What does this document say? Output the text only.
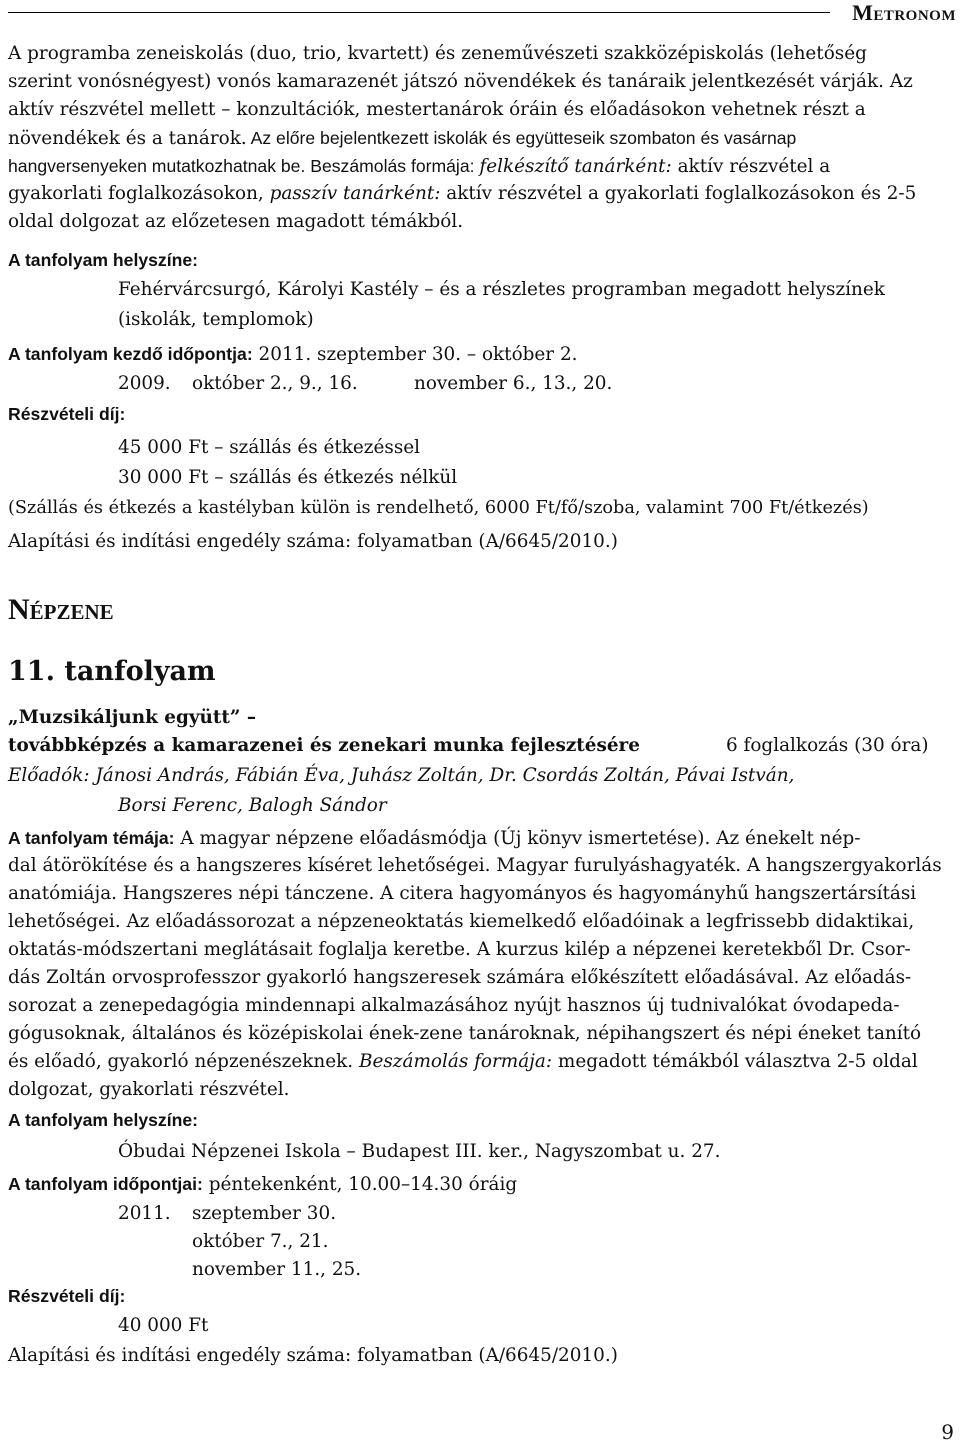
Metronom
A programba zeneiskolás (duo, trio, kvartett) és zeneművészeti szakközépiskolás (lehetőség
szerint vonósnégyest) vonós kamarazenét játszó növendékek és tanáraik jelentkezését várják. Az
aktív részvétel mellett – konzultációk, mestertanárok óráin és előadásokon vehetnek részt a
növendékek és a tanárok. Az előre bejelentkezett iskolák és együtteseik szombaton és vasárnap
hangversenyeken mutatkozhatnak be. Beszámolás formája: felkészítő tanárként: aktív részvétel a
gyakorlati foglalkozásokon, passzív tanárként: aktív részvétel a gyakorlati foglalkozásokon és 2-5
oldal dolgozat az előzetesen magadott témákból.
A tanfolyam helyszíne:
Fehérvárcsurgó, Károlyi Kastély – és a részletes programban megadott helyszínek
(iskolák, templomok)
A tanfolyam kezdő időpontja: 2011. szeptember 30. – október 2.
2009. október 2., 9., 16.	november 6., 13., 20.
Részvételi díj:
45 000 Ft – szállás és étkezéssel
30 000 Ft – szállás és étkezés nélkül
(Szállás és étkezés a kastélyban külön is rendelhető, 6000 Ft/fő/szoba, valamint 700 Ft/étkezés)
Alapítási és indítási engedély száma: folyamatban (A/6645/2010.)
Népzene
11. tanfolyam
„Muzsikáljunk együtt” –
továbbképzés a kamarazenei és zenekari munka fejlesztésére	6 foglalkozás (30 óra)
Előadók: Jánosi András, Fábián Éva, Juhász Zoltán, Dr. Csordás Zoltán, Pávai István,
Borsi Ferenc, Balogh Sándor
A tanfolyam témája: A magyar népzene előadásmódja (Új könyv ismertetése). Az énekelt nép-
dal átörökítése és a hangszeres kíséret lehetőségei. Magyar furulyáshagyaték. A hangszergyakorlás
anatómiája. Hangszeres népi tánczene. A citera hagyományos és hagyományhű hangszertársítási
lehetőségei. Az előadássorozat a népzeneoktatás kiemelkedő előadóinak a legfrissebb didaktikai,
oktatás-módszertani meglátásait foglalja keretbe. A kurzus kilép a népzenei keretekből Dr. Csor-
dás Zoltán orvosprofesszor gyakorló hangszeresek számára előkészített előadásával. Az előadás-
sorozat a zenepedagógia mindennapi alkalmazásához nyújt hasznos új tudnivalókat óvodapeda-
gógusoknak, általános és középiskolai ének-zene tanároknak, népihangszert és népi éneket tanító
és előadó, gyakorló népzenészeknek. Beszámolás formája: megadott témákból választva 2-5 oldal
dolgozat, gyakorlati részvétel.
A tanfolyam helyszíne:
Óbudai Népzenei Iskola – Budapest III. ker., Nagyszombat u. 27.
A tanfolyam időpontjai: péntekenként, 10.00–14.30 óráig
2011. szeptember 30.
október 7., 21.
november 11., 25.
Részvételi díj:
40 000 Ft
Alapítási és indítási engedély száma: folyamatban (A/6645/2010.)
9
